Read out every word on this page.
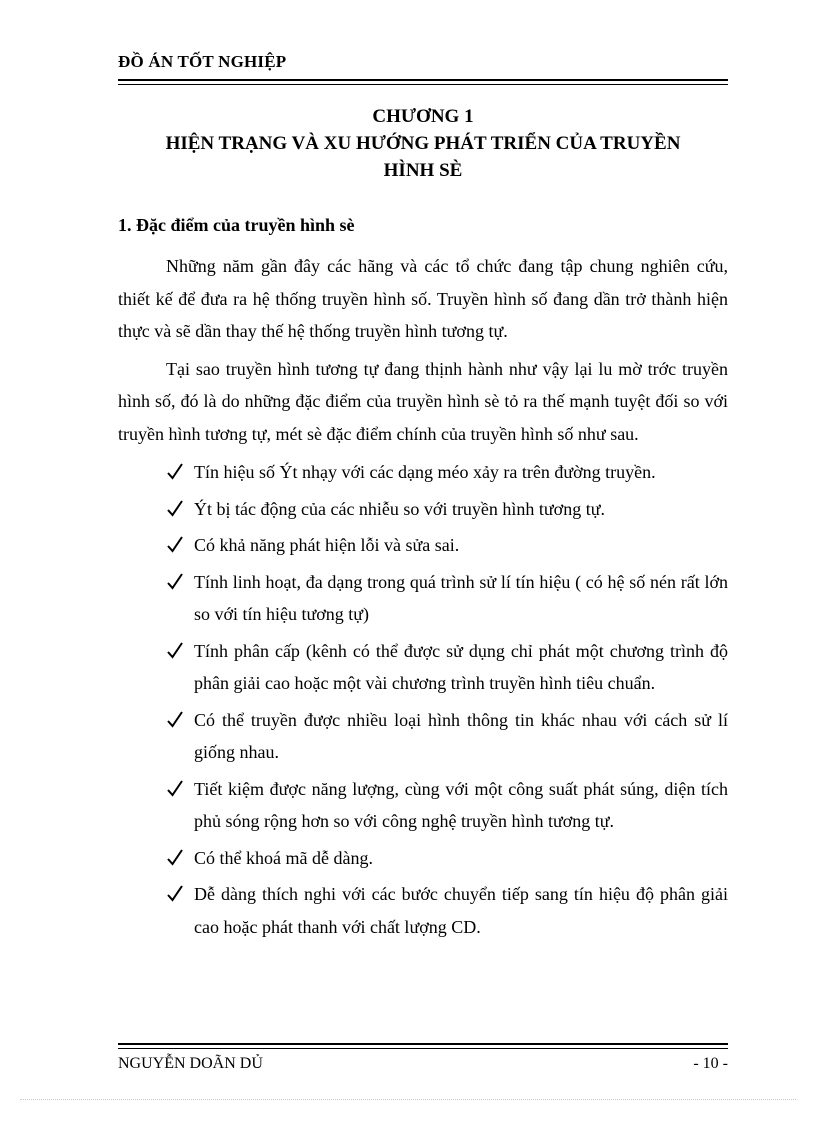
ĐỒ ÁN TỐT NGHIỆP
CHƯƠNG 1
HIỆN TRẠNG VÀ XU HƯỚNG PHÁT TRIỂN CỦA TRUYỀN
HÌNH SÈ
1. Đặc điểm của truyền hình sè

Những năm gần đây các hãng và các tổ chức đang tập chung nghiên cứu, thiết kế để đưa ra hệ thống truyền hình số. Truyền hình số đang dần trở thành hiện thực và sẽ dần thay thế hệ thống truyền hình tương tự.

Tại sao truyền hình tương tự đang thịnh hành như vậy lại lu mờ trớc truyền hình số, đó là do những đặc điểm của truyền hình sè tỏ ra thế mạnh tuyệt đối so với truyền hình tương tự, mét sè đặc điểm chính của truyền hình số như sau.

Tín hiệu số Ýt nhạy với các dạng méo xảy ra trên đường truyền.
Ýt bị tác động của các nhiễu so với truyền hình tương tự.
Có khả năng phát hiện lỗi và sửa sai.
Tính linh hoạt, đa dạng trong quá trình sử lí tín hiệu ( có hệ số nén rất lớn so với tín hiệu tương tự)
Tính phân cấp (kênh có thể được sử dụng chỉ phát một chương trình độ phân giải cao hoặc một vài chương trình truyền hình tiêu chuẩn.
Có thể truyền được nhiều loại hình thông tin khác nhau với cách sử lí giống nhau.
Tiết kiệm được năng lượng, cùng với một công suất phát súng, diện tích phủ sóng rộng hơn so với công nghệ truyền hình tương tự.
Có thể khoá mã dễ dàng.
Dễ dàng thích nghi với các bước chuyển tiếp sang tín hiệu độ phân giải cao hoặc phát thanh với chất lượng CD.
NGUYỄN DOÃN DỦ	- 10 -
